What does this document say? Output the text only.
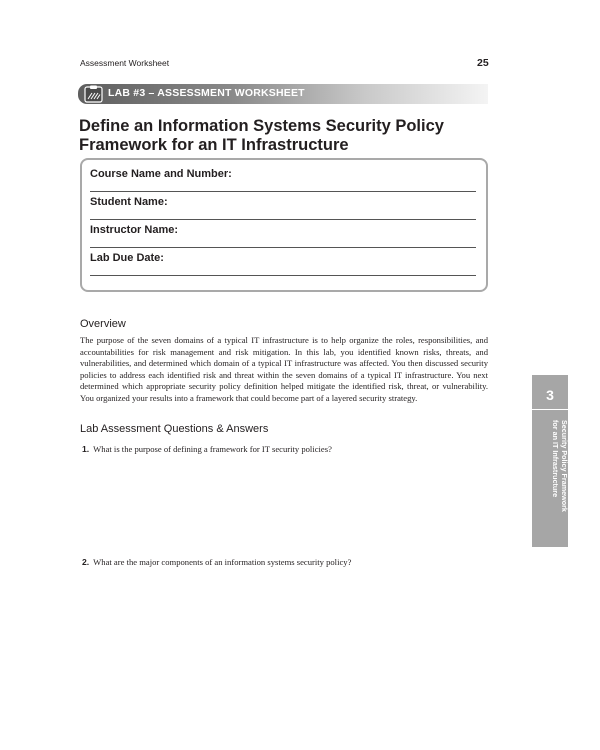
Assessment Worksheet	25
LAB #3 – ASSESSMENT WORKSHEET
Define an Information Systems Security Policy Framework for an IT Infrastructure
Course Name and Number:
Student Name:
Instructor Name:
Lab Due Date:
Overview

The purpose of the seven domains of a typical IT infrastructure is to help organize the roles, responsibilities, and accountabilities for risk management and risk mitigation. In this lab, you identified known risks, threats, and vulnerabilities, and determined which domain of a typical IT infrastructure was affected. You then discussed security policies to address each identified risk and threat within the seven domains of a typical IT infrastructure. You next determined which appropriate security policy definition helped mitigate the identified risk, threat, or vulnerability. You organized your results into a framework that could become part of a layered security strategy.

Lab Assessment Questions & Answers
1. What is the purpose of defining a framework for IT security policies?
2. What are the major components of an information systems security policy?
3
Define an Information Systems
Security Policy Framework
for an IT Infrastructure
